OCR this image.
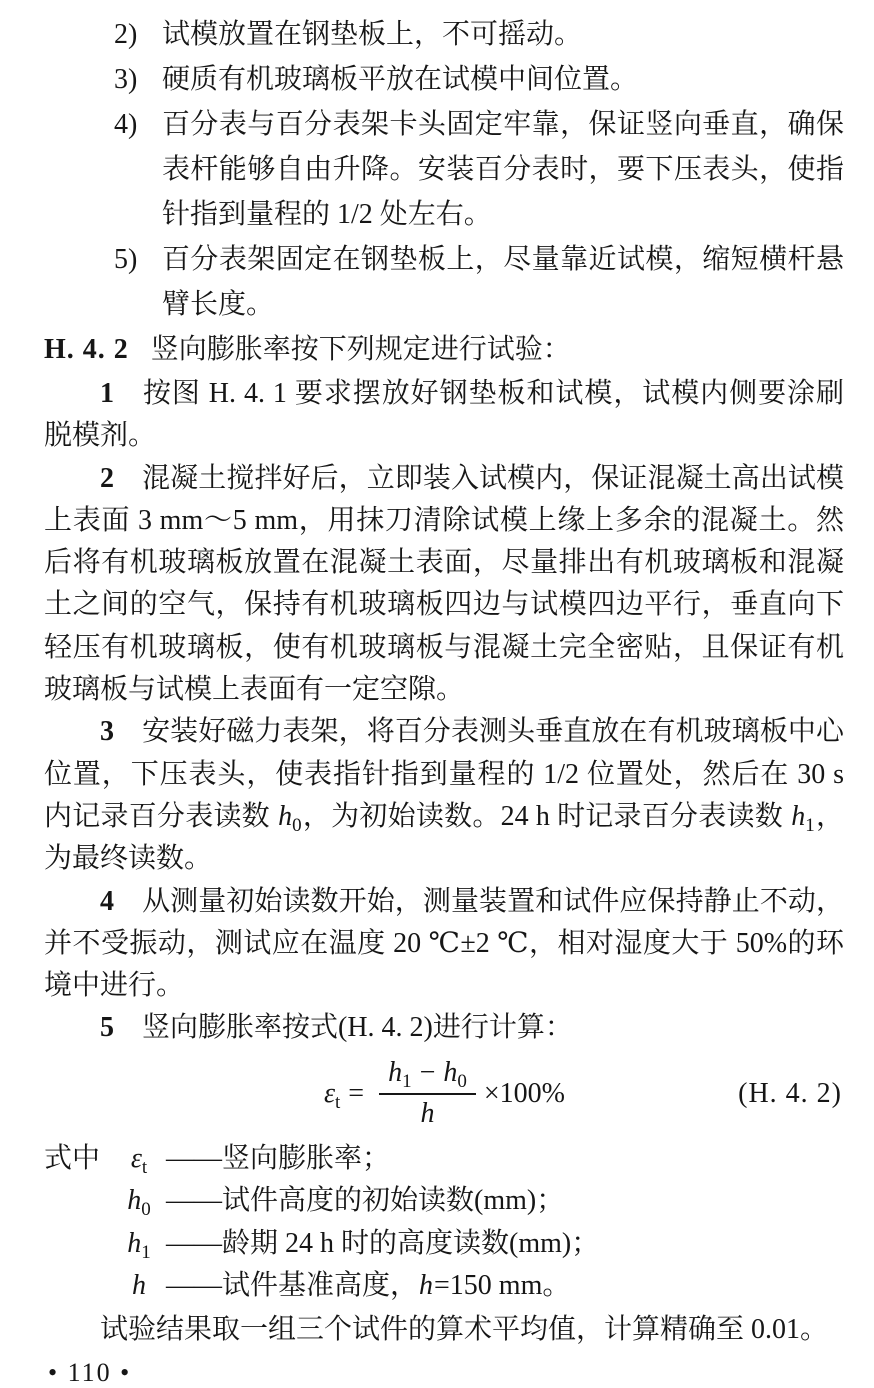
2) 试模放置在钢垫板上，不可摇动。
3) 硬质有机玻璃板平放在试模中间位置。
4) 百分表与百分表架卡头固定牢靠，保证竖向垂直，确保表杆能够自由升降。安装百分表时，要下压表头，使指针指到量程的 1/2 处左右。
5) 百分表架固定在钢垫板上，尽量靠近试模，缩短横杆悬臂长度。

H. 4. 2 竖向膨胀率按下列规定进行试验：

1 按图 H. 4. 1 要求摆放好钢垫板和试模，试模内侧要涂刷脱模剂。

2 混凝土搅拌好后，立即装入试模内，保证混凝土高出试模上表面 3 mm～5 mm，用抹刀清除试模上缘上多余的混凝土。然后将有机玻璃板放置在混凝土表面，尽量排出有机玻璃板和混凝土之间的空气，保持有机玻璃板四边与试模四边平行，垂直向下轻压有机玻璃板，使有机玻璃板与混凝土完全密贴，且保证有机玻璃板与试模上表面有一定空隙。

3 安装好磁力表架，将百分表测头垂直放在有机玻璃板中心位置，下压表头，使表指针指到量程的 1/2 位置处，然后在 30 s 内记录百分表读数 $h_0$，为初始读数。24 h 时记录百分表读数 $h_1$，为最终读数。

4 从测量初始读数开始，测量装置和试件应保持静止不动，并不受振动，测试应在温度 20 ℃±2 ℃，相对湿度大于 50%的环境中进行。

5 竖向膨胀率按式(H. 4. 2)进行计算：

$\varepsilon_t = \frac{h_1 - h_0}{h} \times 100\%$	(H. 4. 2)
式中	$\varepsilon_t$ —— 竖向膨胀率；
$h_0$ —— 试件高度的初始读数(mm)；
$h_1$ —— 龄期 24 h 时的高度读数(mm)；
h —— 试件基准高度，h=150 mm。

试验结果取一组三个试件的算术平均值，计算精确至 0.01。

• 110 •
